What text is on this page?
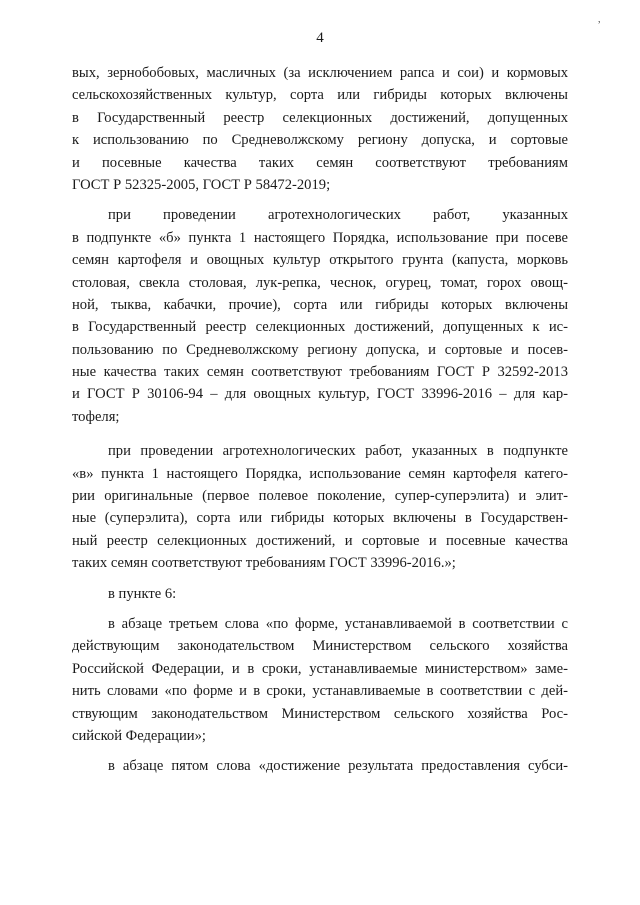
,
4
вых, зернобобовых, масличных (за исключением рапса и сои) и кормовых
сельскохозяйственных культур, сорта или гибриды которых включены
в Государственный реестр селекционных достижений, допущенных
к использованию по Средневолжскому региону допуска, и сортовые
и посевные качества таких семян соответствуют требованиям
ГОСТ Р 52325-2005, ГОСТ Р 58472-2019;
при проведении агротехнологических работ, указанных
в подпункте «б» пункта 1 настоящего Порядка, использование при посеве
семян картофеля и овощных культур открытого грунта (капуста, морковь
столовая, свекла столовая, лук-репка, чеснок, огурец, томат, горох овощ-
ной, тыква, кабачки, прочие), сорта или гибриды которых включены
в Государственный реестр селекционных достижений, допущенных к ис-
пользованию по Средневолжскому региону допуска, и сортовые и посев-
ные качества таких семян соответствуют требованиям ГОСТ Р 32592-2013
и ГОСТ Р 30106-94 – для овощных культур, ГОСТ 33996-2016 – для кар-
тофеля;
при проведении агротехнологических работ, указанных в подпункте
«в» пункта 1 настоящего Порядка, использование семян картофеля катего-
рии оригинальные (первое полевое поколение, супер-суперэлита) и элит-
ные (суперэлита), сорта или гибриды которых включены в Государствен-
ный реестр селекционных достижений, и сортовые и посевные качества
таких семян соответствуют требованиям ГОСТ 33996-2016.»;
в пункте 6:
в абзаце третьем слова «по форме, устанавливаемой в соответствии с
действующим законодательством Министерством сельского хозяйства
Российской Федерации, и в сроки, устанавливаемые министерством» заме-
нить словами «по форме и в сроки, устанавливаемые в соответствии с дей-
ствующим законодательством Министерством сельского хозяйства Рос-
сийской Федерации»;
в абзаце пятом слова «достижение результата предоставления субси-
